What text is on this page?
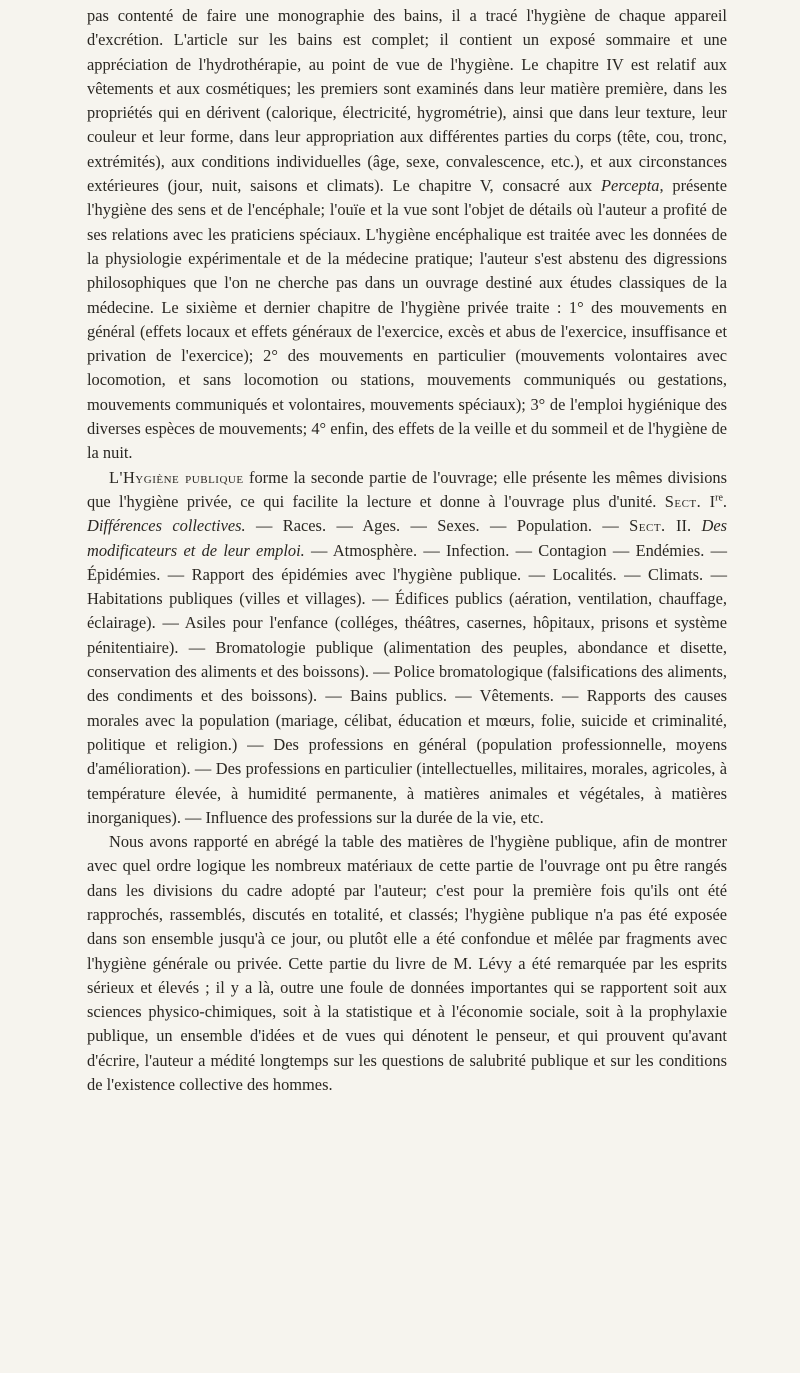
pas contenté de faire une monographie des bains, il a tracé l'hygiène de chaque appareil d'excrétion. L'article sur les bains est complet; il contient un exposé sommaire et une appréciation de l'hydrothérapie, au point de vue de l'hygiène. Le chapitre IV est relatif aux vêtements et aux cosmétiques; les premiers sont examinés dans leur matière première, dans les propriétés qui en dérivent (calorique, électricité, hygrométrie), ainsi que dans leur texture, leur couleur et leur forme, dans leur appropriation aux différentes parties du corps (tête, cou, tronc, extrémités), aux conditions individuelles (âge, sexe, convalescence, etc.), et aux circonstances extérieures (jour, nuit, saisons et climats). Le chapitre V, consacré aux Percepta, présente l'hygiène des sens et de l'encéphale; l'ouïe et la vue sont l'objet de détails où l'auteur a profité de ses relations avec les praticiens spéciaux. L'hygiène encéphalique est traitée avec les données de la physiologie expérimentale et de la médecine pratique; l'auteur s'est abstenu des digressions philosophiques que l'on ne cherche pas dans un ouvrage destiné aux études classiques de la médecine. Le sixième et dernier chapitre de l'hygiène privée traite : 1° des mouvements en général (effets locaux et effets généraux de l'exercice, excès et abus de l'exercice, insuffisance et privation de l'exercice); 2° des mouvements en particulier (mouvements volontaires avec locomotion, et sans locomotion ou stations, mouvements communiqués ou gestations, mouvements communiqués et volontaires, mouvements spéciaux); 3° de l'emploi hygiénique des diverses espèces de mouvements; 4° enfin, des effets de la veille et du sommeil et de l'hygiène de la nuit.

L'Hygiène publique forme la seconde partie de l'ouvrage; elle présente les mêmes divisions que l'hygiène privée, ce qui facilite la lecture et donne à l'ouvrage plus d'unité. Sect. Ire. Différences collectives. — Races. — Ages. — Sexes. — Population. — Sect. II. Des modificateurs et de leur emploi. — Atmosphère. — Infection. — Contagion — Endémies. — Épidémies. — Rapport des épidémies avec l'hygiène publique. — Localités. — Climats. — Habitations publiques (villes et villages). — Édifices publics (aération, ventilation, chauffage, éclairage). — Asiles pour l'enfance (colléges, théâtres, casernes, hôpitaux, prisons et système pénitentiaire). — Bromatologie publique (alimentation des peuples, abondance et disette, conservation des aliments et des boissons). — Police bromatologique (falsifications des aliments, des condiments et des boissons). — Bains publics. — Vêtements. — Rapports des causes morales avec la population (mariage, célibat, éducation et mœurs, folie, suicide et criminalité, politique et religion.) — Des professions en général (population professionnelle, moyens d'amélioration). — Des professions en particulier (intellectuelles, militaires, morales, agricoles, à température élevée, à humidité permanente, à matières animales et végétales, à matières inorganiques). — Influence des professions sur la durée de la vie, etc.

Nous avons rapporté en abrégé la table des matières de l'hygiène publique, afin de montrer avec quel ordre logique les nombreux matériaux de cette partie de l'ouvrage ont pu être rangés dans les divisions du cadre adopté par l'auteur; c'est pour la première fois qu'ils ont été rapprochés, rassemblés, discutés en totalité, et classés; l'hygiène publique n'a pas été exposée dans son ensemble jusqu'à ce jour, ou plutôt elle a été confondue et mêlée par fragments avec l'hygiène générale ou privée. Cette partie du livre de M. Lévy a été remarquée par les esprits sérieux et élevés ; il y a là, outre une foule de données importantes qui se rapportent soit aux sciences physico-chimiques, soit à la statistique et à l'économie sociale, soit à la prophylaxie publique, un ensemble d'idées et de vues qui dénotent le penseur, et qui prouvent qu'avant d'écrire, l'auteur a médité longtemps sur les questions de salubrité publique et sur les conditions de l'existence collective des hommes.
